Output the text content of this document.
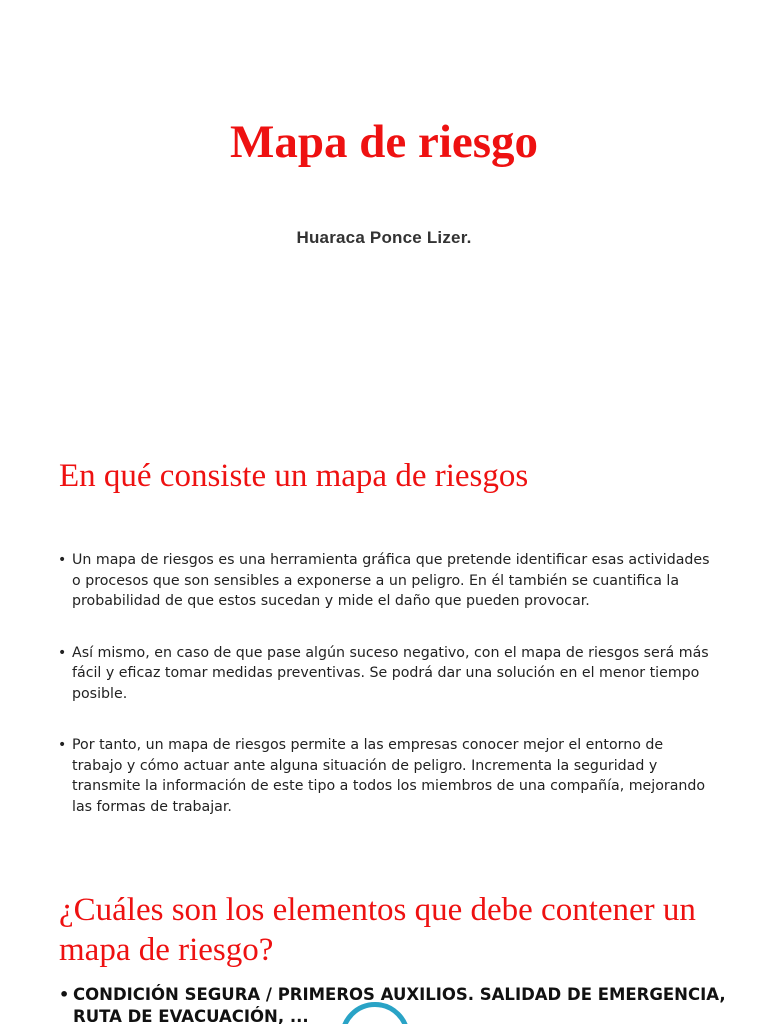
Mapa de riesgo
Huaraca Ponce Lizer.
En qué consiste un mapa de riesgos
• Un mapa de riesgos es una herramienta gráfica que pretende identificar esas actividades o procesos que son sensibles a exponerse a un peligro. En él también se cuantifica la probabilidad de que estos sucedan y mide el daño que pueden provocar.
• Así mismo, en caso de que pase algún suceso negativo, con el mapa de riesgos será más fácil y eficaz tomar medidas preventivas. Se podrá dar una solución en el menor tiempo posible.
• Por tanto, un mapa de riesgos permite a las empresas conocer mejor el entorno de trabajo y cómo actuar ante alguna situación de peligro. Incrementa la seguridad y transmite la información de este tipo a todos los miembros de una compañía, mejorando las formas de trabajar.
¿Cuáles son los elementos que debe contener un mapa de riesgo?
• CONDICIÓN SEGURA / PRIMEROS AUXILIOS. SALIDAD DE EMERGENCIA, RUTA DE EVACUACIÓN, ...
